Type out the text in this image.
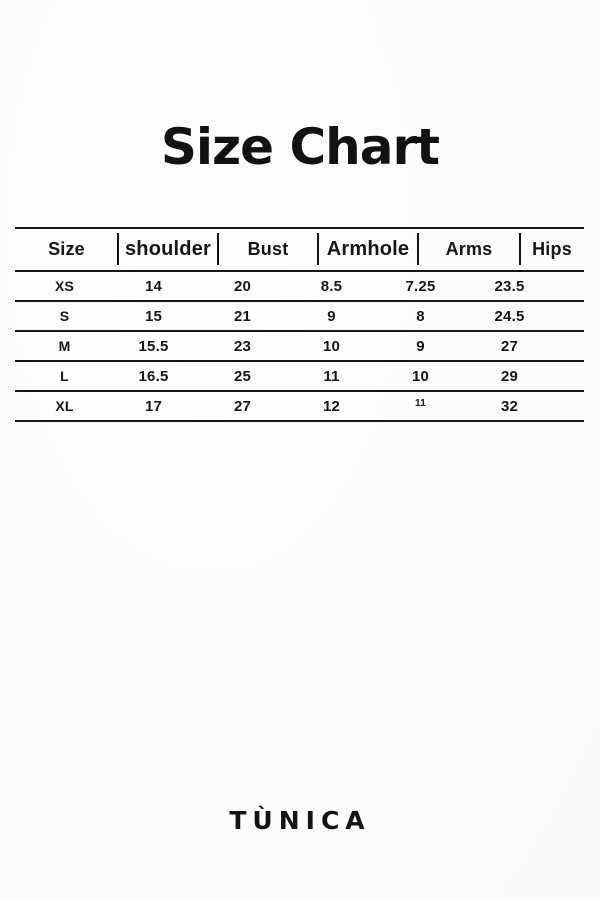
Size Chart
Size	shoulder	Bust	Armhole	Arms	Hips
XS	14	20	8.5	7.25	23.5
S	15	21	9	8	24.5
M	15.5	23	10	9	27
L	16.5	25	11	10	29
XL	17	27	12	11	32
TÙNICA
